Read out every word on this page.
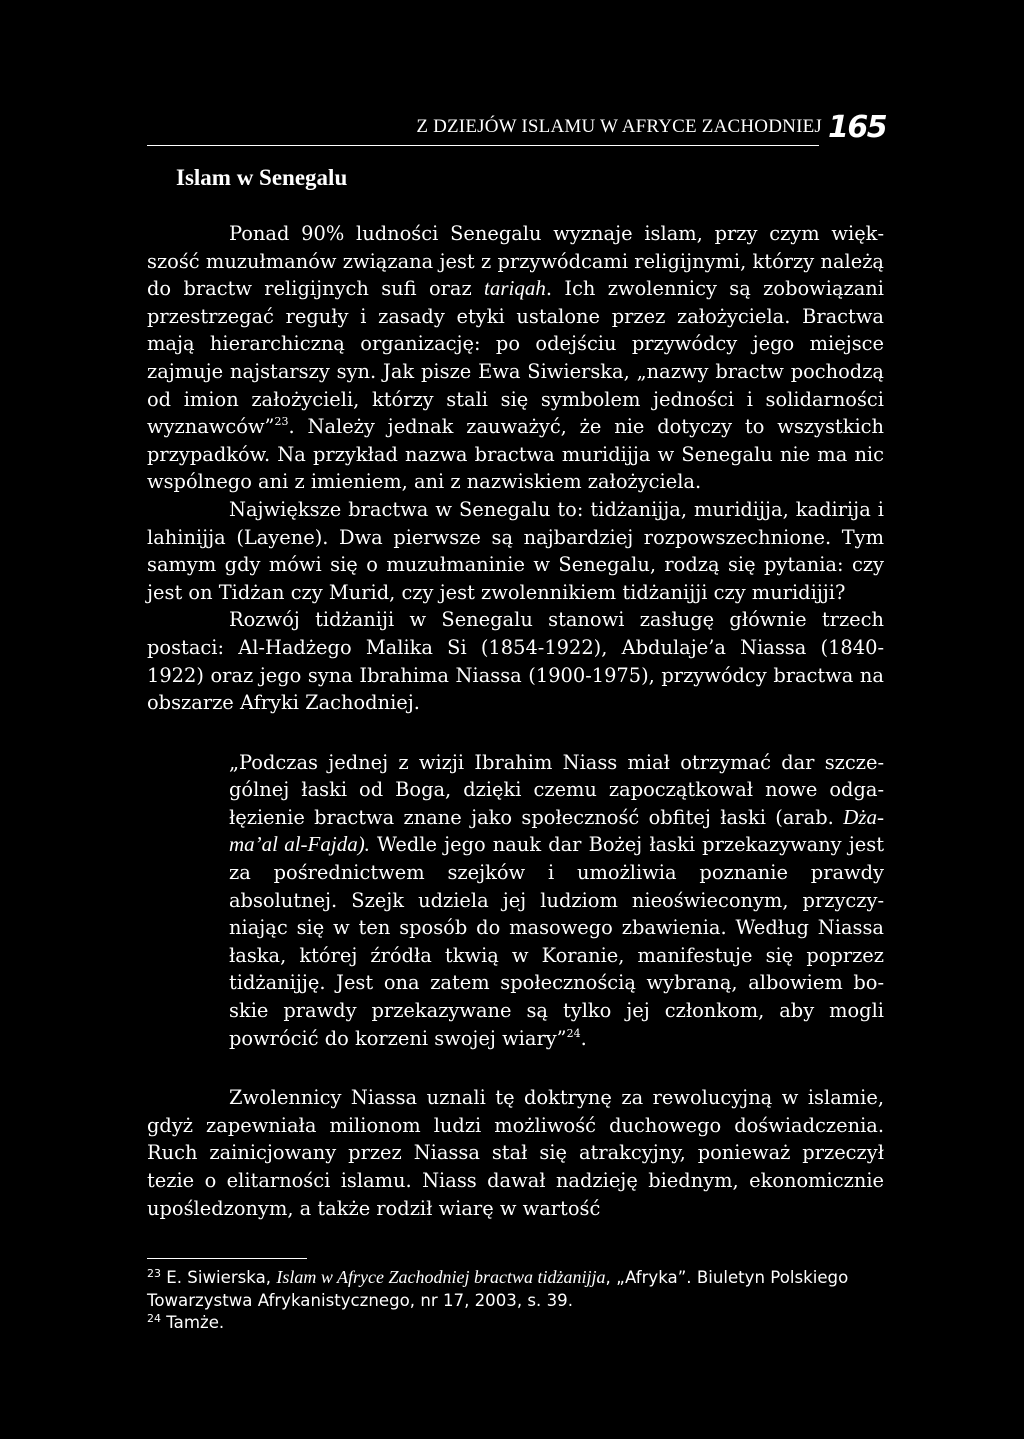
Z DZIEJÓW ISLAMU W AFRYCE ZACHODNIEJ 165
Islam w Senegalu

Ponad 90% ludności Senegalu wyznaje islam, przy czym większość muzułmanów związana jest z przywódcami religijnymi, którzy należą do bractw religijnych sufi oraz tariqah. Ich zwolennicy są zobowiązani przestrzegać reguły i zasady etyki ustalone przez założyciela. Bractwa mają hierarchiczną organizację: po odejściu przywódcy jego miejsce zajmuje najstarszy syn. Jak pisze Ewa Siwierska, „nazwy bractw pochodzą od imion założycieli, którzy stali się symbolem jedności i solidarności wyznawców”$^{23}$. Należy jednak zauważyć, że nie dotyczy to wszystkich przypadków. Na przykład nazwa bractwa muridijja w Senegalu nie ma nic wspólnego ani z imieniem, ani z nazwiskiem założyciela.

Największe bractwa w Senegalu to: tidżanijja, muridijja, kadirija i lahinijja (Layene). Dwa pierwsze są najbardziej rozpowszechnione. Tym samym gdy mówi się o muzułmaninie w Senegalu, rodzą się pytania: czy jest on Tidżan czy Murid, czy jest zwolennikiem tidżanijji czy muridijji?

Rozwój tidżaniji w Senegalu stanowi zasługę głównie trzech postaci: Al-Hadżego Malika Si (1854-1922), Abdulaje’a Niassa (1840-1922) oraz jego syna Ibrahima Niassa (1900-1975), przywódcy bractwa na obszarze Afryki Zachodniej.

„Podczas jednej z wizji Ibrahim Niass miał otrzymać dar szczególnej łaski od Boga, dzięki czemu zapoczątkował nowe odgałęzienie bractwa znane jako społeczność obfitej łaski (arab. Dżama’al al-Fajda). Wedle jego nauk dar Bożej łaski przekazywany jest za pośrednictwem szejków i umożliwia poznanie prawdy absolutnej. Szejk udziela jej ludziom nieoświeconym, przyczyniając się w ten sposób do masowego zbawienia. Według Niassa łaska, której źródła tkwią w Koranie, manifestuje się poprzez tidżanijję. Jest ona zatem społecznością wybraną, albowiem boskie prawdy przekazywane są tylko jej członkom, aby mogli powrócić do korzeni swojej wiary”$^{24}$.

Zwolennicy Niassa uznali tę doktrynę za rewolucyjną w islamie, gdyż zapewniała milionom ludzi możliwość duchowego doświadczenia. Ruch zainicjowany przez Niassa stał się atrakcyjny, ponieważ przeczył tezie o elitarności islamu. Niass dawał nadzieję biednym, ekonomicznie upośledzonym, a także rodził wiarę w wartość

$^{23}$ E. Siwierska, Islam w Afryce Zachodniej bractwa tidżanijja, „Afryka”. Biuletyn Polskiego Towarzystwa Afrykanistycznego, nr 17, 2003, s. 39.

$^{24}$ Tamże.
